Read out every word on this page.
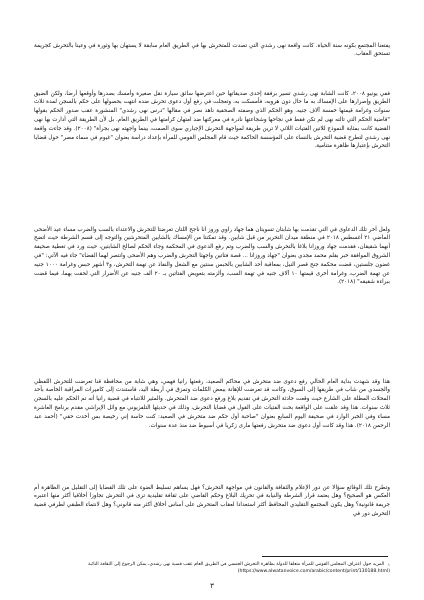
يفتعنا المجتمع بكونه سنة الحياة. كانت واقعة نهى رشدي التي تصدت للمتحرش بها في الطريق العام سابقة لا يستهان بها وثورة في وعينا بالتحرش كجريمة تستحق العقاب.

ففي يونيو ٢٠٠٨، كانت الشابة نهى رشدي تسير برفقة إحدى صديقاتها حين اعترضها سائق سيارة نقل صغيرة وأمسك بصدرها وأوقعها أرضا، ولكن الضيق الطريق وإصرارها على الإمساك به ما حال دون هروبه، فأمسكت به، وتعجلت في رفع أول دعوى تحرش ضده انتهت بحصولها على حكم بالسجن لمدة ثلاث سنوات وغرامة قيمتها خمسة آلاف جنيه. وهو الحكم الذي وصفته الصحفية ناهد نصر في مقالها "درس نهى رشدي" المنشورة عقب صدور الحكم بقولها "قاضية الحكم التي تالته نهى لم تكن فقط في نجاحها وشجاعتها نادرة في معركتها ضد امتهان كرامتها في الطريق العام. بل لأن الطريقة التي أدارت بها نهى القضية كانت بمثابة النموذج للاتين الفتيات اللاتي لا ترين طريقة لمواجهة التحرش الإجباري سوى الصمت، بينما واجهته نهى بجرأة" (٢٠٠٨). وقد جاءت واقعة نهى رشدي لتطرح قضية التحرش بالنساء على المؤسسة الحاكمة حيث قام المجلس القومي للمرأة بإعداد دراسة بعنوان "غيوم في سماء مصر" حول قضايا التحرش بإعتبارها ظاهرة متنامية.

ولعل أخر تلك الدعاوى في التي تقدمت بها شابتان تسويتان هما جهاد راوي وروز انا ناجح اللتان تعرضتا للتحرش والاعتداء بالسب والضرب مساء عيد الأضحى الماضي ٢١ أغسطس ٢٠١٨ في منطقة ميدان التحرير من قبل شابين. وقد تمكنتا من الإمساك بالشابين المتحرشين والتوجه إلى قسم الشرطة حيث اتضح أنهما شقيقان، فقدمت جهاد وروزانا بلاغا بالتحرش والسب والضرب وتم رفع الدعوى في المحكمة وجاء الحكم لصالح الشابتين، حيث ورد في تغطية صحيفة الشروق الموافقة خبر بقلم محمد مجدي بعنوان "جهاد وروزانا ... قصة فتاتين واجهتا التحرش والضرب وهم الأضحى وانتصر لهما القضاء" جاء فيه الآتي: "في غضون جلستين، قضت محكمة جنح قصر النيل، بمعاقبة أحد الشابين بالحبس سنتين مع الشغل والنفاذ عن تهمة التحرش، و٣ أشهر حبس وغرامة ١٠٠٠ جنيه عن تهمة الضرب، وغرامة أخرى قيمتها ١٠ آلاف جنيه في تهمة السب، وألزمته بتعويض الفتاتين بـ ٢٠ ألف جنيه عن الأضرار التي لحقت بهما، فيما قضت ببراءة شقيقه" (٢٠١٨).

هذا وقد شهدت بداية العام الحالي رفع دعوى ضد متحرش في محاكم الصعيد، رفعتها رانيا فهمي، وهي شابة من محافظة قنا تعرضت للتحرش اللفظي والجسدي من شاب في طريقها إلى السوق، وكانت قد تعرضت للإهانة ببعض الكلمات وتمزق في أربطة اليد، فاستندت إلى كاميرات المراقبة الخاصة بأحد المحلات المطلة على الشارع حيث وقعت حادثة التحرش في تقديم بلاغ ورفع دعوى ضد المتحرش. والمثير للانتباه في قضية رانيا أنه تم الحكم عليه بالسجن ثلاث سنوات. هذا وقد علقت على الواقعة بحث الفتيات على القول في قضايا التحرش، وذلك في حديثها التلفزيوني مع وائل الإبراشي مقدم برنامج العاشرة مساء وفي الخبر الوارد في صحيفة اليوم السابع بعنوان "صاحبة أول حكم ضد متحرش في الصعيد: كنت حاسة إني رخيصة بس أخدت حقي" (أحمد عبد الرحمن ٢٠١٨). هذا وقد كانت أول دعوى ضد متحرش رفعتها مارى زكريا في أسيوط ضد منذ عدة سنوات.

وتطرح تلك الوقائع سؤالا عن دور الإعلام والثقافة والقانون في مواجهة التحرش؟ فهل يساهم تسليط الضوء على تلك القضايا إلى التقليل من الظاهرة أم العكس هو الصحيح؟ وهل يعتمد قرار الشرطة والنيابة في تحريك البلاغ وحكم القاضي على ثقافة تقليدية ترى في التحرش تجاوزا أخلاقيا أكثر منها اعتبره جريمة قانونية؟ وهل يكون المجتمع التقليدي المحافظ أكثر استعدادا لعقاب المتحرش على أساس أخلاق أكثر منه قانوني؟ وهل لانتماء الطبقي لطرفي قضية التحرش دور في

١ المزيد حول اعتراف المجلس القومي للمرأة متعلقا للدولة بظاهرة التحرش الجنسي في الطريق العام عقب قضية نهى رشدي، يمكن الرجوع إلى الثقافة النائبة (https://www.alwatanvoice.com/arabic/content/print/130188.html)
٣
